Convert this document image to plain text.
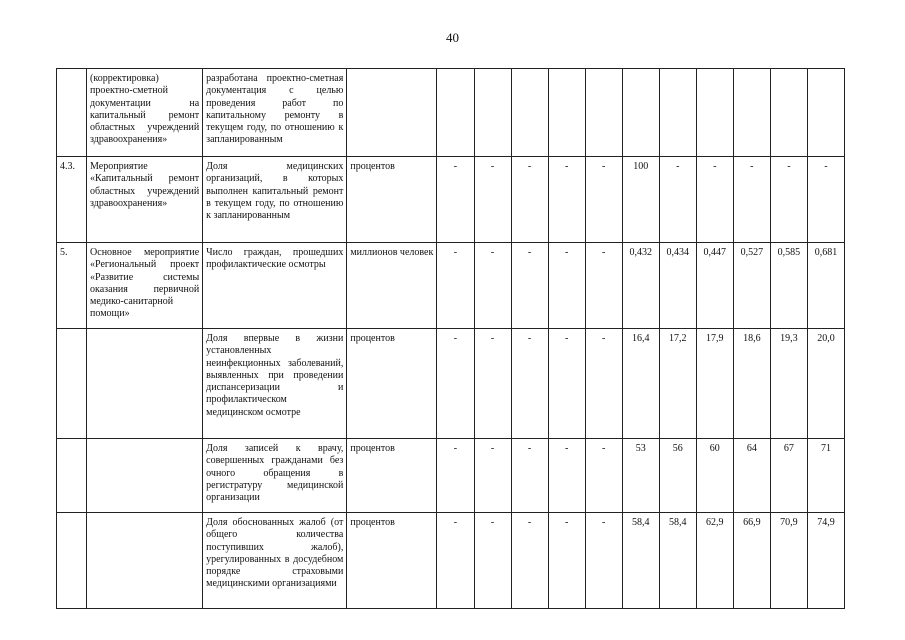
40
	(корректировка) проектно-сметной документации на капитальный ремонт областных учреждений здравоохранения»	разработана проектно-сметная документация с целью проведения работ по капитальному ремонту в текущем году, по отношению к запланированным												
4.3.	Мероприятие «Капитальный ремонт областных учреждений здравоохранения»	Доля медицинских организаций, в которых выполнен капитальный ремонт в текущем году, по отношению к запланированным	процентов	-	-	-	-	-	100	-	-	-	-	-
5.	Основное мероприятие «Региональный проект «Развитие системы оказания первичной медико-санитарной помощи»	Число граждан, прошедших профилактические осмотры	миллионов человек	-	-	-	-	-	0,432	0,434	0,447	0,527	0,585	0,681
		Доля впервые в жизни установленных неинфекционных заболеваний, выявленных при проведении диспансеризации и профилактическом медицинском осмотре	процентов	-	-	-	-	-	16,4	17,2	17,9	18,6	19,3	20,0
		Доля записей к врачу, совершенных гражданами без очного обращения в регистратуру медицинской организации	процентов	-	-	-	-	-	53	56	60	64	67	71
		Доля обоснованных жалоб (от общего количества поступивших жалоб), урегулированных в досудебном порядке страховыми медицинскими организациями	процентов	-	-	-	-	-	58,4	58,4	62,9	66,9	70,9	74,9
